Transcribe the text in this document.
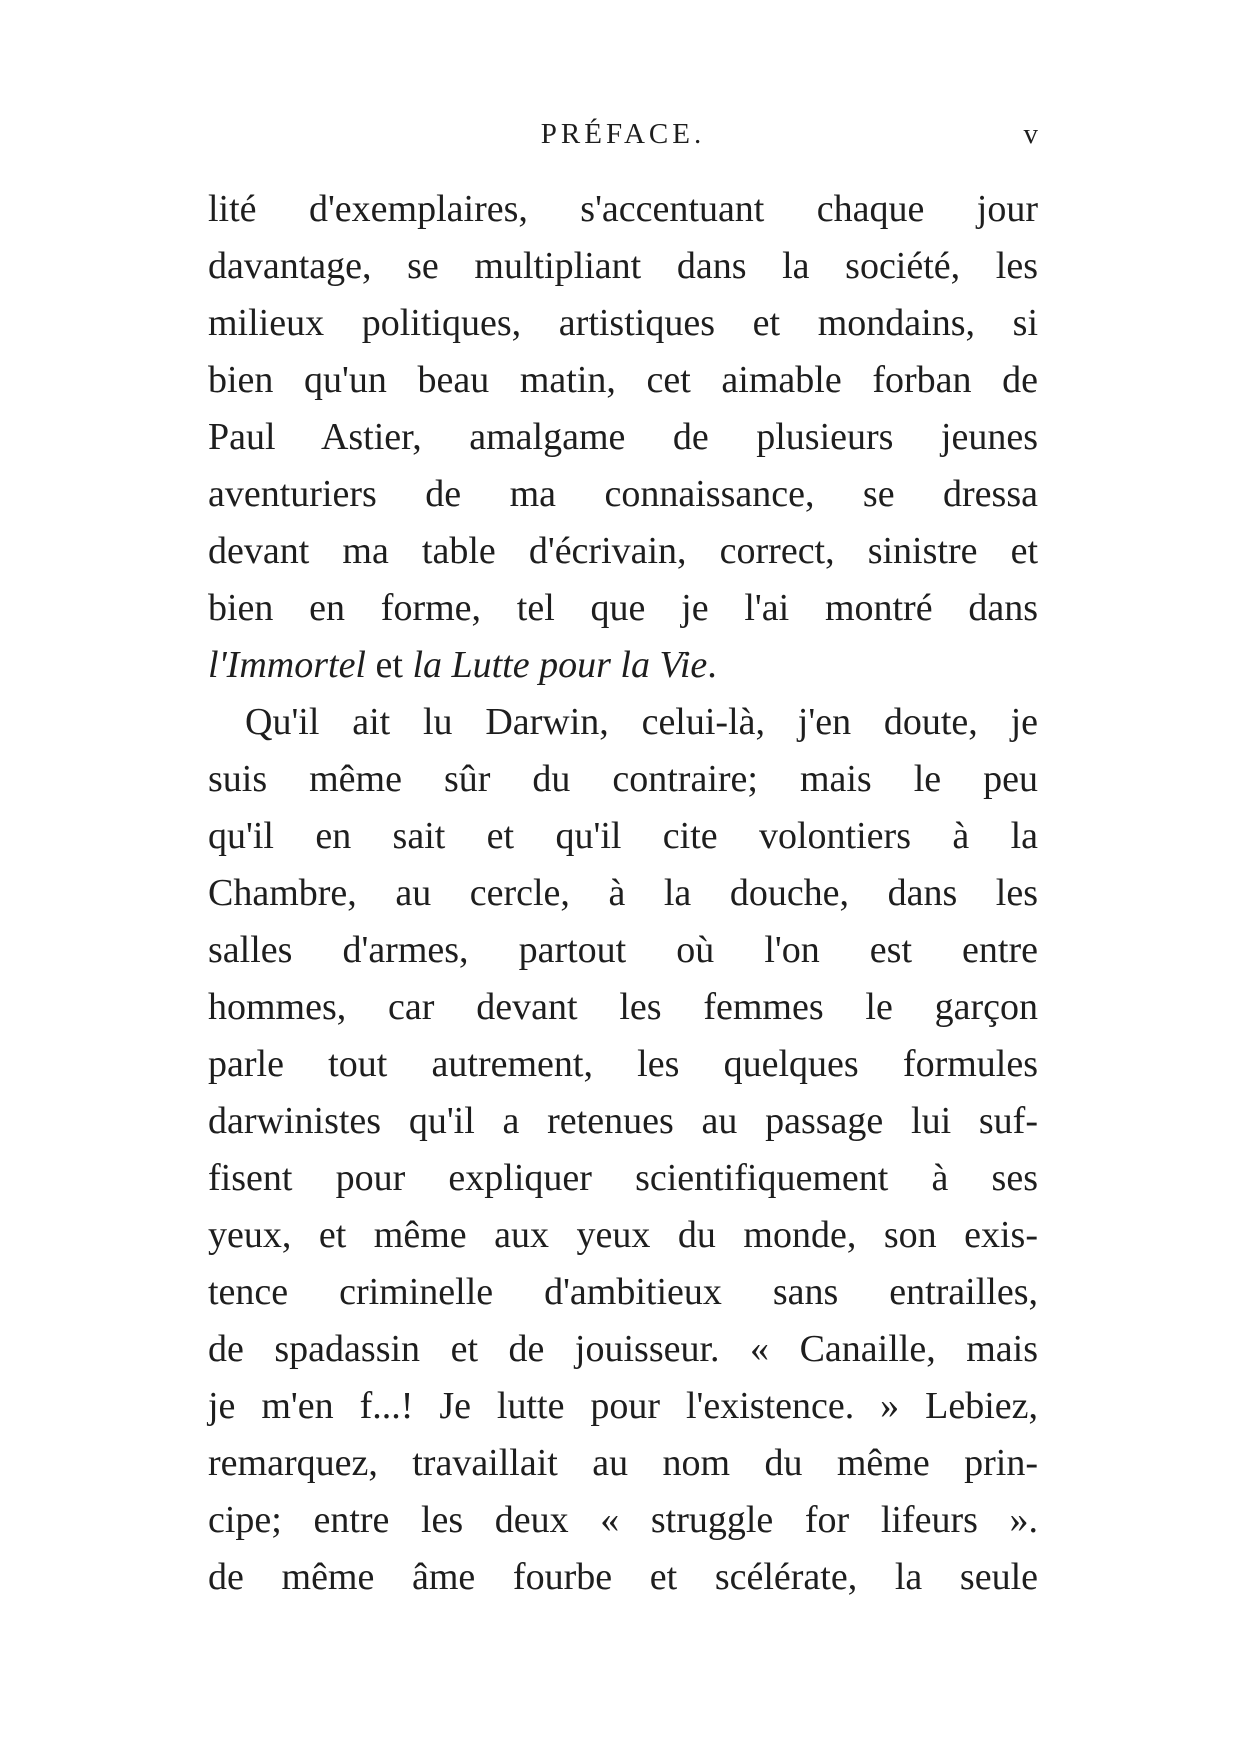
PRÉFACE.	v
lité d'exemplaires, s'accentuant chaque jour
davantage, se multipliant dans la société, les
milieux politiques, artistiques et mondains, si
bien qu'un beau matin, cet aimable forban de
Paul Astier, amalgame de plusieurs jeunes
aventuriers de ma connaissance, se dressa
devant ma table d'écrivain, correct, sinistre et
bien en forme, tel que je l'ai montré dans
l'Immortel et la Lutte pour la Vie.
Qu'il ait lu Darwin, celui-là, j'en doute, je
suis même sûr du contraire; mais le peu
qu'il en sait et qu'il cite volontiers à la
Chambre, au cercle, à la douche, dans les
salles d'armes, partout où l'on est entre
hommes, car devant les femmes le garçon
parle tout autrement, les quelques formules
darwinistes qu'il a retenues au passage lui suf-
fisent pour expliquer scientifiquement à ses
yeux, et même aux yeux du monde, son exis-
tence criminelle d'ambitieux sans entrailles,
de spadassin et de jouisseur. « Canaille, mais
je m'en f...! Je lutte pour l'existence. » Lebiez,
remarquez, travaillait au nom du même prin-
cipe; entre les deux « struggle for lifeurs ».
de même âme fourbe et scélérate, la seule
